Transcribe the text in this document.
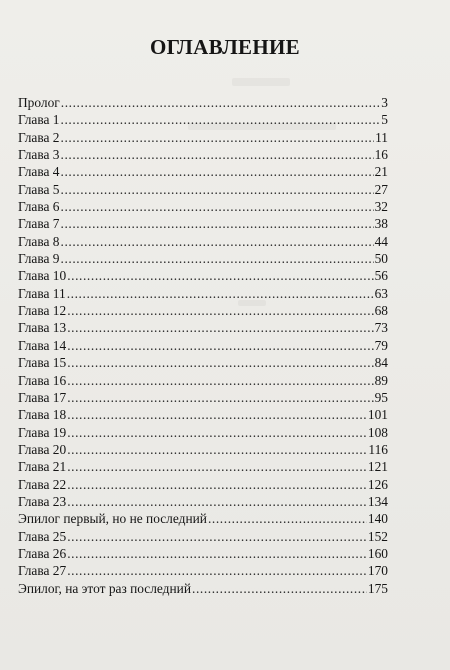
ОГЛАВЛЕНИЕ
Пролог .....	3
Глава 1 .....	5
Глава 2 .....	11
Глава 3 .....	16
Глава 4 .....	21
Глава 5 .....	27
Глава 6 .....	32
Глава 7 .....	38
Глава 8 .....	44
Глава 9 .....	50
Глава 10 .....	56
Глава 11 .....	63
Глава 12 .....	68
Глава 13 .....	73
Глава 14 .....	79
Глава 15 .....	84
Глава 16 .....	89
Глава 17 .....	95
Глава 18 .....	101
Глава 19 .....	108
Глава 20 .....	116
Глава 21 .....	121
Глава 22 .....	126
Глава 23 .....	134
Эпилог первый, но не последний .....	140
Глава 25 .....	152
Глава 26 .....	160
Глава 27 .....	170
Эпилог, на этот раз последний .....	175
